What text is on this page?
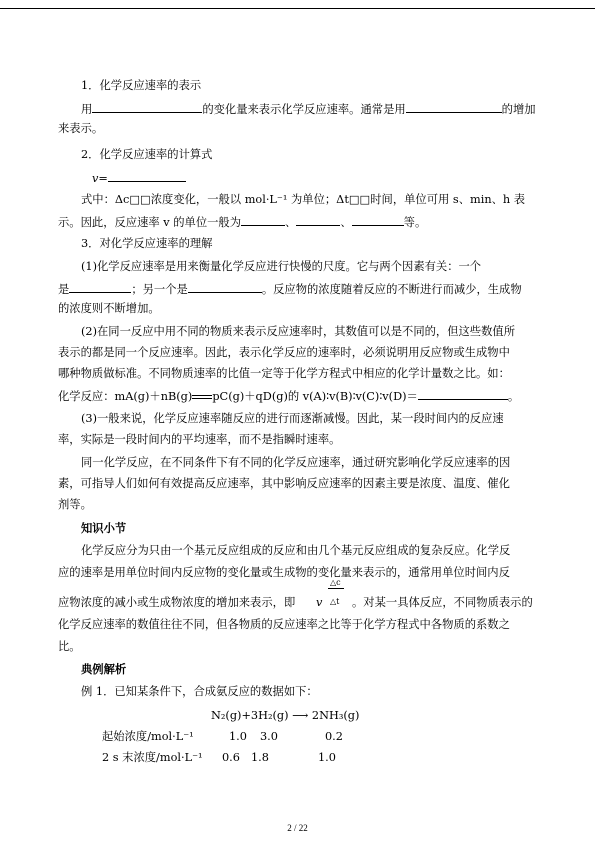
1．化学反应速率的表示
用	的变化量来表示化学反应速率。通常是用	的增加
来表示。
2．化学反应速率的计算式
v=
式中：Δc□□浓度变化，一般以 mol·L⁻¹ 为单位；Δt□□时间，单位可用 s、min、h 表
示。因此，反应速率 v 的单位一般为	、	、	等。
3．对化学反应速率的理解
(1)化学反应速率是用来衡量化学反应进行快慢的尺度。它与两个因素有关：一个
是	；另一个是	。反应物的浓度随着反应的不断进行而减少，生成物
的浓度则不断增加。
(2)在同一反应中用不同的物质来表示反应速率时，其数值可以是不同的，但这些数值所
表示的都是同一个反应速率。因此，表示化学反应的速率时，必须说明用反应物或生成物中
哪种物质做标准。不同物质速率的比值一定等于化学方程式中相应的化学计量数之比。如：
化学反应：mA(g)＋nB(g) pC(g)＋qD(g)的 v(A)∶v(B)∶v(C)∶v(D)＝	。
(3)一般来说，化学反应速率随反应的进行而逐渐减慢。因此，某一段时间内的反应速
率，实际是一段时间内的平均速率，而不是指瞬时速率。
同一化学反应，在不同条件下有不同的化学反应速率，通过研究影响化学反应速率的因
素，可指导人们如何有效提高反应速率，其中影响反应速率的因素主要是浓度、温度、催化
剂等。
知识小节
化学反应分为只由一个基元反应组成的反应和由几个基元反应组成的复杂反应。化学反
应的速率是用单位时间内反应物的变化量或生成物的变化量来表示的，通常用单位时间内反
应物浓度的减小或生成物浓度的增加来表示，即 v
△c
△t 。对某一具体反应，不同物质表示的
化学反应速率的数值往往不同，但各物质的反应速率之比等于化学方程式中各物质的系数之
比。
典例解析
例 1．已知某条件下，合成氨反应的数据如下：
N₂(g)+3H₂(g) ⟶ 2NH₃(g)
起始浓度/mol·L⁻¹	1.0 3.0	0.2
2 s 末浓度/mol·L⁻¹ 0.6 1.8	1.0
2 / 22
